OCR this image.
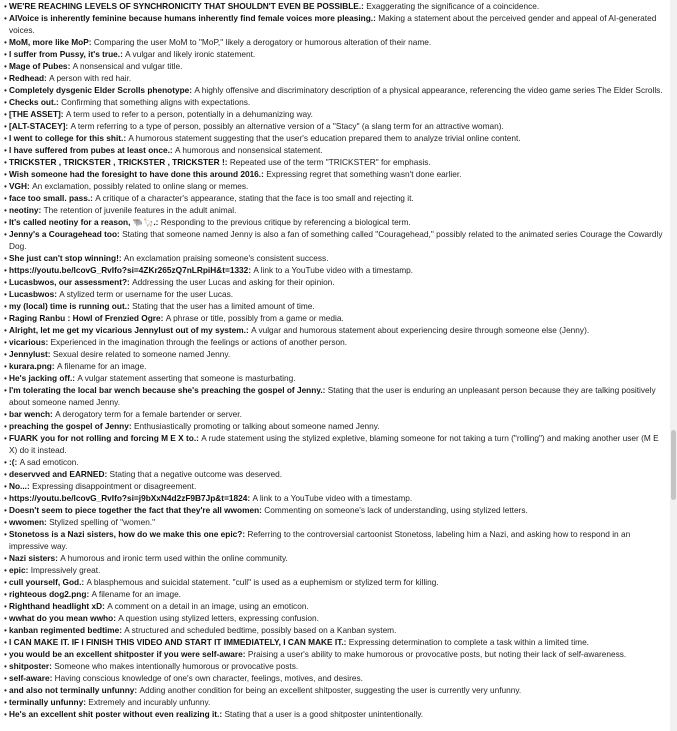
• WE'RE REACHING LEVELS OF SYNCHRONICITY THAT SHOULDN'T EVEN BE POSSIBLE.: Exaggerating the significance of a coincidence.
• AIVoice is inherently feminine because humans inherently find female voices more pleasing.: Making a statement about the perceived gender and appeal of AI-generated voices.
• MoM, more like MoP: Comparing the user MoM to "MoP," likely a derogatory or humorous alteration of their name.
• I suffer from Pussy, it's true.: A vulgar and likely ironic statement.
• Mage of Pubes: A nonsensical and vulgar title.
• Redhead: A person with red hair.
• Completely dysgenic Elder Scrolls phenotype: A highly offensive and discriminatory description of a physical appearance, referencing the video game series The Elder Scrolls.
• Checks out.: Confirming that something aligns with expectations.
• [THE ASSET]: A term used to refer to a person, potentially in a dehumanizing way.
• [ALT-STACEY]: A term referring to a type of person, possibly an alternative version of a "Stacy" (a slang term for an attractive woman).
• I went to college for this shit.: A humorous statement suggesting that the user's education prepared them to analyze trivial online content.
• I have suffered from pubes at least once.: A humorous and nonsensical statement.
• TRICKSTER , TRICKSTER , TRICKSTER , TRICKSTER !: Repeated use of the term "TRICKSTER" for emphasis.
• Wish someone had the foresight to have done this around 2016.: Expressing regret that something wasn't done earlier.
• VGH: An exclamation, possibly related to online slang or memes.
• face too small. pass.: A critique of a character's appearance, stating that the face is too small and rejecting it.
• neotiny: The retention of juvenile features in the adult animal.
• It's called neotiny for a reason, 🐃🦙.: Responding to the previous critique by referencing a biological term.
• Jenny's a Couragehead too: Stating that someone named Jenny is also a fan of something called "Couragehead," possibly related to the animated series Courage the Cowardly Dog.
• She just can't stop winning!: An exclamation praising someone's consistent success.
• https://youtu.be/lcovG_RvIfo?si=4ZKr265zQ7nLRpiH&t=1332: A link to a YouTube video with a timestamp.
• Lucasbwos, our assessment?: Addressing the user Lucas and asking for their opinion.
• Lucasbwos: A stylized term or username for the user Lucas.
• my (local) time is running out.: Stating that the user has a limited amount of time.
• Raging Ranbu : Howl of Frenzied Ogre: A phrase or title, possibly from a game or media.
• Alright, let me get my vicarious Jennylust out of my system.: A vulgar and humorous statement about experiencing desire through someone else (Jenny).
• vicarious: Experienced in the imagination through the feelings or actions of another person.
• Jennylust: Sexual desire related to someone named Jenny.
• kurara.png: A filename for an image.
• He's jacking off.: A vulgar statement asserting that someone is masturbating.
• I'm tolerating the local bar wench because she's preaching the gospel of Jenny.: Stating that the user is enduring an unpleasant person because they are talking positively about someone named Jenny.
• bar wench: A derogatory term for a female bartender or server.
• preaching the gospel of Jenny: Enthusiastically promoting or talking about someone named Jenny.
• FUARK you for not rolling and forcing M E X to.: A rude statement using the stylized expletive, blaming someone for not taking a turn ("rolling") and making another user (M E X) do it instead.
• :(: A sad emoticon.
• deservved and EARNED: Stating that a negative outcome was deserved.
• No...: Expressing disappointment or disagreement.
• https://youtu.be/lcovG_RvIfo?si=j9bXxN4d2zF9B7Jp&t=1824: A link to a YouTube video with a timestamp.
• Doesn't seem to piece together the fact that they're all wwomen: Commenting on someone's lack of understanding, using stylized letters.
• wwomen: Stylized spelling of "women."
• Stonetoss is a Nazi sisters, how do we make this one epic?: Referring to the controversial cartoonist Stonetoss, labeling him a Nazi, and asking how to respond in an impressive way.
• Nazi sisters: A humorous and ironic term used within the online community.
• epic: Impressively great.
• cull yourself, God.: A blasphemous and suicidal statement. "cull" is used as a euphemism or stylized term for killing.
• righteous dog2.png: A filename for an image.
• Righthand headlight xD: A comment on a detail in an image, using an emoticon.
• wwhat do you mean wwho: A question using stylized letters, expressing confusion.
• kanban regimented bedtime: A structured and scheduled bedtime, possibly based on a Kanban system.
• I CAN MAKE IT. IF I FINISH THIS VIDEO AND START IT IMMEDIATELY, I CAN MAKE IT.: Expressing determination to complete a task within a limited time.
• you would be an excellent shitposter if you were self-aware: Praising a user's ability to make humorous or provocative posts, but noting their lack of self-awareness.
• shitposter: Someone who makes intentionally humorous or provocative posts.
• self-aware: Having conscious knowledge of one's own character, feelings, motives, and desires.
• and also not terminally unfunny: Adding another condition for being an excellent shitposter, suggesting the user is currently very unfunny.
• terminally unfunny: Extremely and incurably unfunny.
• He's an excellent shit poster without even realizing it.: Stating that a user is a good shitposter unintentionally.
